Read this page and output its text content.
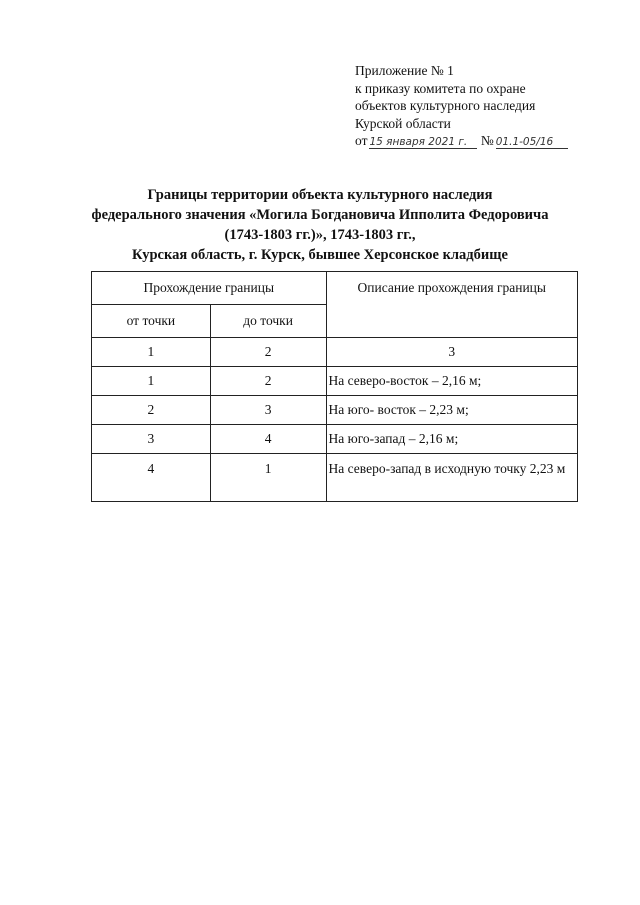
Приложение № 1
к приказу комитета по охране
объектов культурного наследия
Курской области
от 15 января 2021 г. № 01.1-05/16
Границы территории объекта культурного наследия
федерального значения «Могила Богдановича Ипполита Федоровича
(1743-1803 гг.)», 1743-1803 гг.,
Курская область, г. Курск, бывшее Херсонское кладбище
Прохождение границы		Описание прохождения границы
от точки	до точки	
1	2	3
1	2	На северо-восток – 2,16 м;
2	3	На юго- восток – 2,23 м;
3	4	На юго-запад – 2,16 м;
4	1	На северо-запад в исходную точку 2,23 м
